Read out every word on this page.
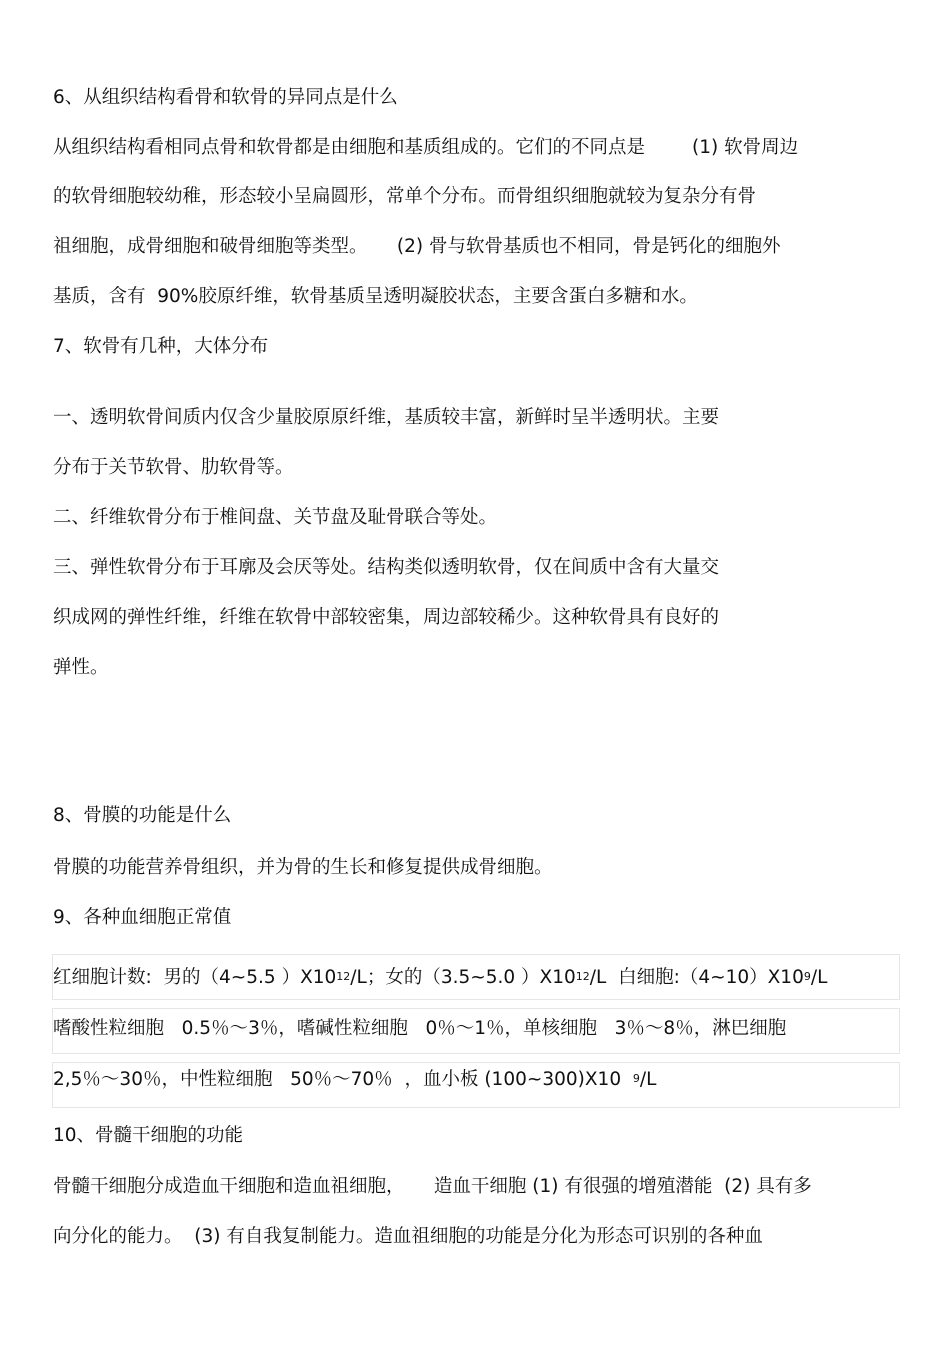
6、从组织结构看骨和软骨的异同点是什么

从组织结构看相同点骨和软骨都是由细胞和基质组成的。它们的不同点是        (1) 软骨周边

的软骨细胞较幼稚，形态较小呈扁圆形，常单个分布。而骨组织细胞就较为复杂分有骨

祖细胞，成骨细胞和破骨细胞等类型。     (2) 骨与软骨基质也不相同，骨是钙化的细胞外

基质，含有  90%胶原纤维，软骨基质呈透明凝胶状态，主要含蛋白多糖和水。

7、软骨有几种，大体分布

一、透明软骨间质内仅含少量胶原原纤维，基质较丰富，新鲜时呈半透明状。主要

分布于关节软骨、肋软骨等。

二、纤维软骨分布于椎间盘、关节盘及耻骨联合等处。

三、弹性软骨分布于耳廓及会厌等处。结构类似透明软骨，仅在间质中含有大量交

织成网的弹性纤维，纤维在软骨中部较密集，周边部较稀少。这种软骨具有良好的

弹性。

8、骨膜的功能是什么

骨膜的功能营养骨组织，并为骨的生长和修复提供成骨细胞。

9、各种血细胞正常值

红细胞计数:  男的（4~5.5 ）$X10^{12}/L$；女的（3.5~5.0 ）$X10^{12}/L$  白细胞$:(4\sim 10)X10^9/L$

嗜酸性粒细胞   0.5％～3％，嗜碱性粒细胞   0％～1％，单核细胞   3％～8％，淋巴细胞

2,5％～30％，中性粒细胞   50％～70％  ，血小板 (100~300)X10  $^9$/L

10、骨髓干细胞的功能

骨髓干细胞分成造血干细胞和造血祖细胞，     造血干细胞 (1) 有很强的增殖潜能  (2) 具有多

向分化的能力。  (3) 有自我复制能力。造血祖细胞的功能是分化为形态可识别的各种血
